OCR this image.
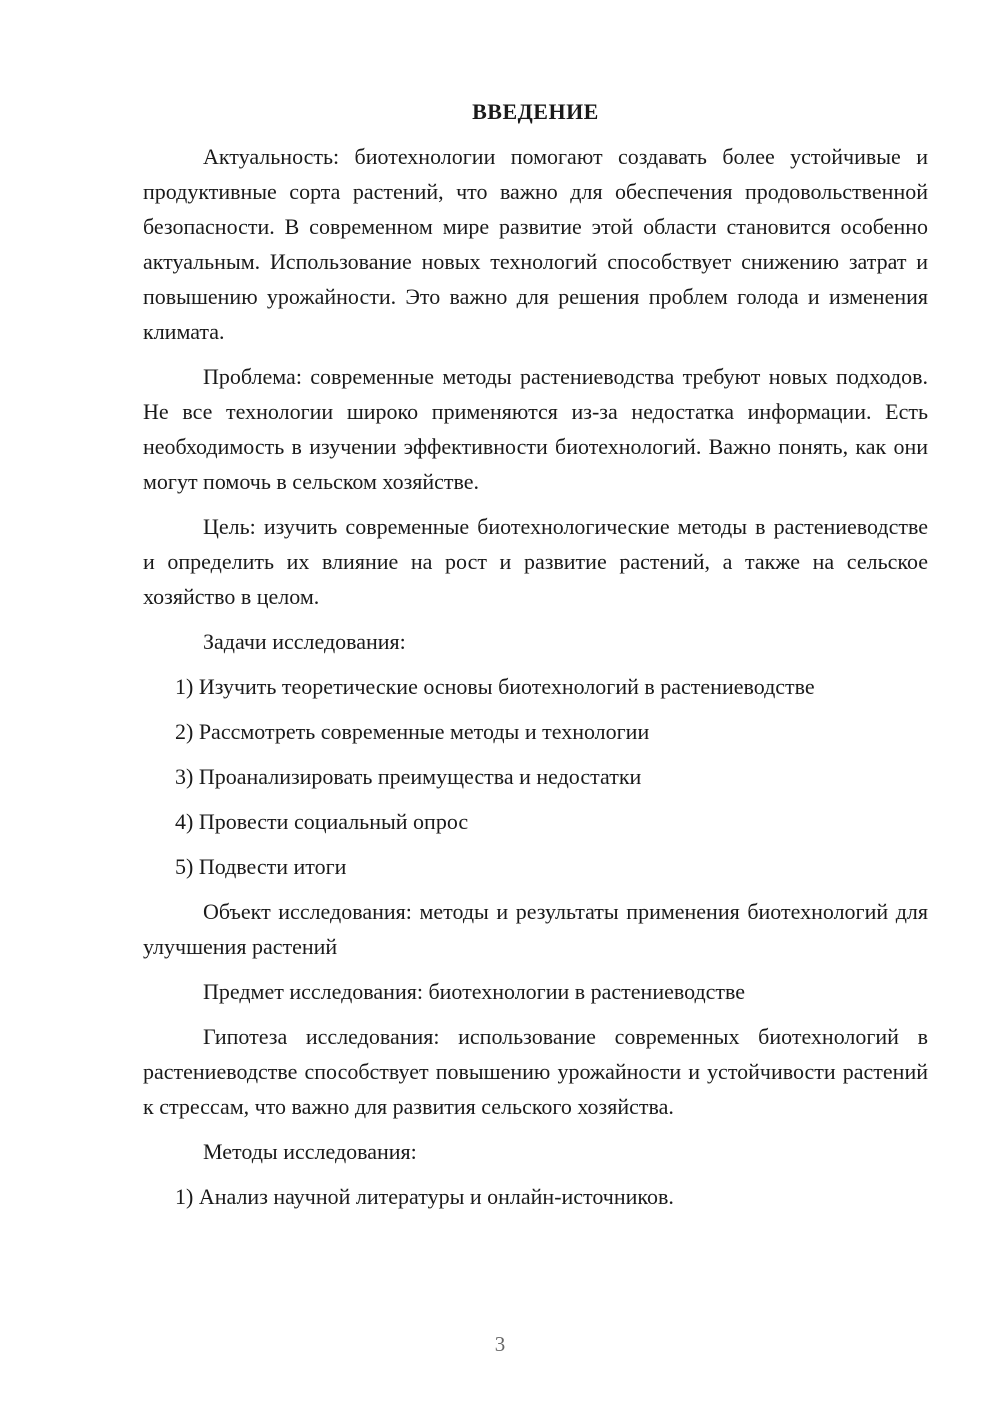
ВВЕДЕНИЕ

Актуальность: биотехнологии помогают создавать более устойчивые и продуктивные сорта растений, что важно для обеспечения продовольственной безопасности. В современном мире развитие этой области становится особенно актуальным. Использование новых технологий способствует снижению затрат и повышению урожайности. Это важно для решения проблем голода и изменения климата.

Проблема: современные методы растениеводства требуют новых подходов. Не все технологии широко применяются из-за недостатка информации. Есть необходимость в изучении эффективности биотехнологий. Важно понять, как они могут помочь в сельском хозяйстве.

Цель: изучить современные биотехнологические методы в растениеводстве и определить их влияние на рост и развитие растений, а также на сельское хозяйство в целом.

Задачи исследования:

1) Изучить теоретические основы биотехнологий в растениеводстве
2) Рассмотреть современные методы и технологии
3) Проанализировать преимущества и недостатки
4) Провести социальный опрос
5) Подвести итоги

Объект исследования: методы и результаты применения биотехнологий для улучшения растений

Предмет исследования: биотехнологии в растениеводстве

Гипотеза исследования: использование современных биотехнологий в растениеводстве способствует повышению урожайности и устойчивости растений к стрессам, что важно для развития сельского хозяйства.

Методы исследования:

1) Анализ научной литературы и онлайн-источников.
3
